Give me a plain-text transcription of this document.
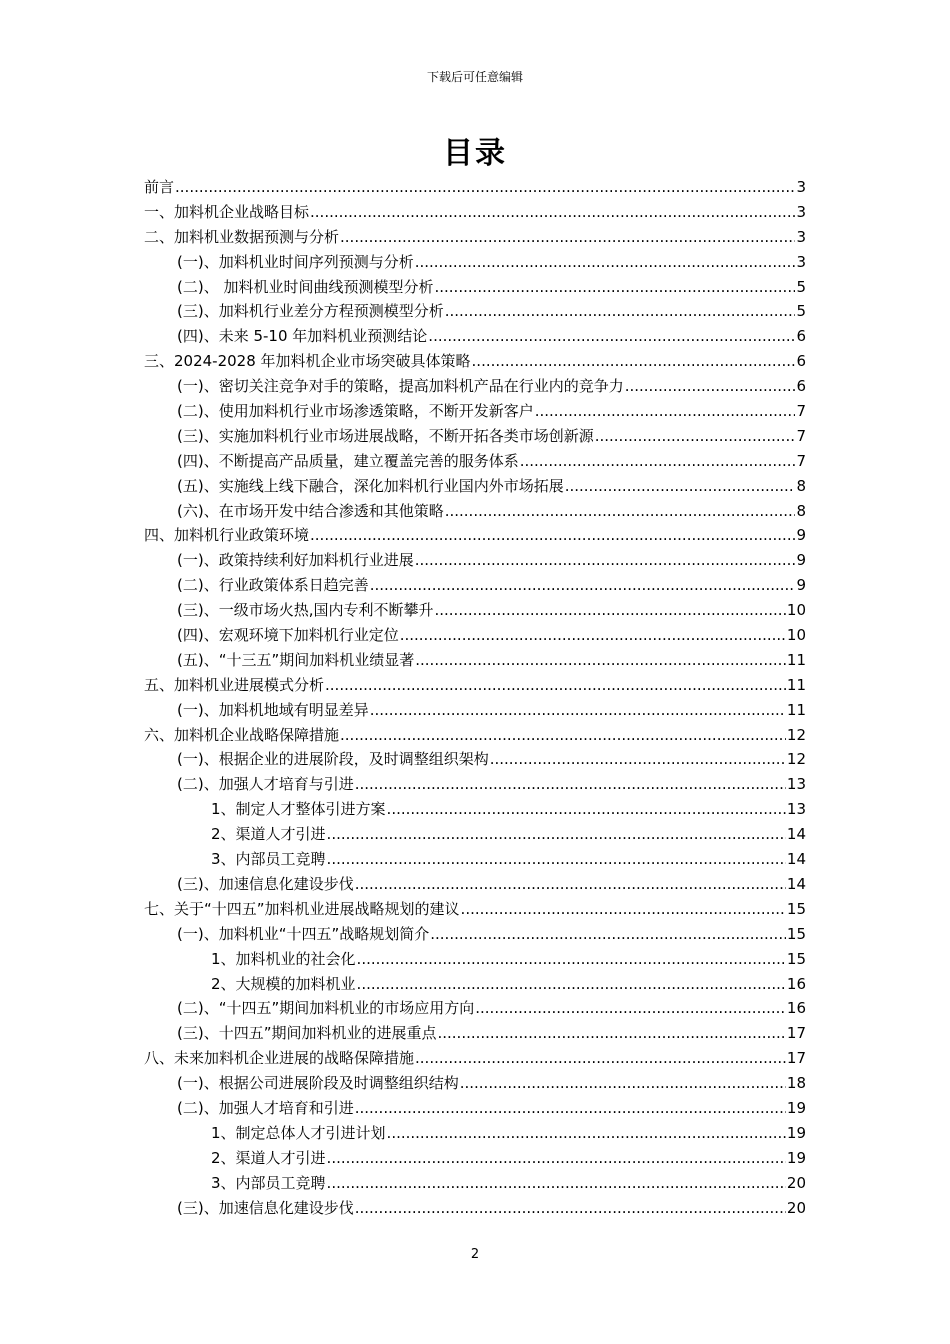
下载后可任意编辑
目录
前言 .....	3
一、加料机企业战略目标 .....	3
二、加料机业数据预测与分析 .....	3
(一)、加料机业时间序列预测与分析 .....	3
(二)、 加料机业时间曲线预测模型分析 .....	5
(三)、加料机行业差分方程预测模型分析 .....	5
(四)、未来 5-10 年加料机业预测结论 .....	6
三、2024-2028 年加料机企业市场突破具体策略 .....	6
(一)、密切关注竞争对手的策略，提高加料机产品在行业内的竞争力 .....	6
(二)、使用加料机行业市场渗透策略，不断开发新客户 .....	7
(三)、实施加料机行业市场进展战略，不断开拓各类市场创新源 .....	7
(四)、不断提高产品质量，建立覆盖完善的服务体系 .....	7
(五)、实施线上线下融合，深化加料机行业国内外市场拓展 .....	8
(六)、在市场开发中结合渗透和其他策略 .....	8
四、加料机行业政策环境 .....	9
(一)、政策持续利好加料机行业进展 .....	9
(二)、行业政策体系日趋完善 .....	9
(三)、一级市场火热,国内专利不断攀升 .....	10
(四)、宏观环境下加料机行业定位 .....	10
(五)、“十三五”期间加料机业绩显著 .....	11
五、加料机业进展模式分析 .....	11
(一)、加料机地域有明显差异 .....	11
六、加料机企业战略保障措施 .....	12
(一)、根据企业的进展阶段，及时调整组织架构 .....	12
(二)、加强人才培育与引进 .....	13
1、制定人才整体引进方案 .....	13
2、渠道人才引进 .....	14
3、内部员工竞聘 .....	14
(三)、加速信息化建设步伐 .....	14
七、关于“十四五”加料机业进展战略规划的建议 .....	15
(一)、加料机业“十四五”战略规划简介 .....	15
1、加料机业的社会化 .....	15
2、大规模的加料机业 .....	16
(二)、“十四五”期间加料机业的市场应用方向 .....	16
(三)、十四五”期间加料机业的进展重点 .....	17
八、未来加料机企业进展的战略保障措施 .....	17
(一)、根据公司进展阶段及时调整组织结构 .....	18
(二)、加强人才培育和引进 .....	19
1、制定总体人才引进计划 .....	19
2、渠道人才引进 .....	19
3、内部员工竞聘 .....	20
(三)、加速信息化建设步伐 .....	20
2
